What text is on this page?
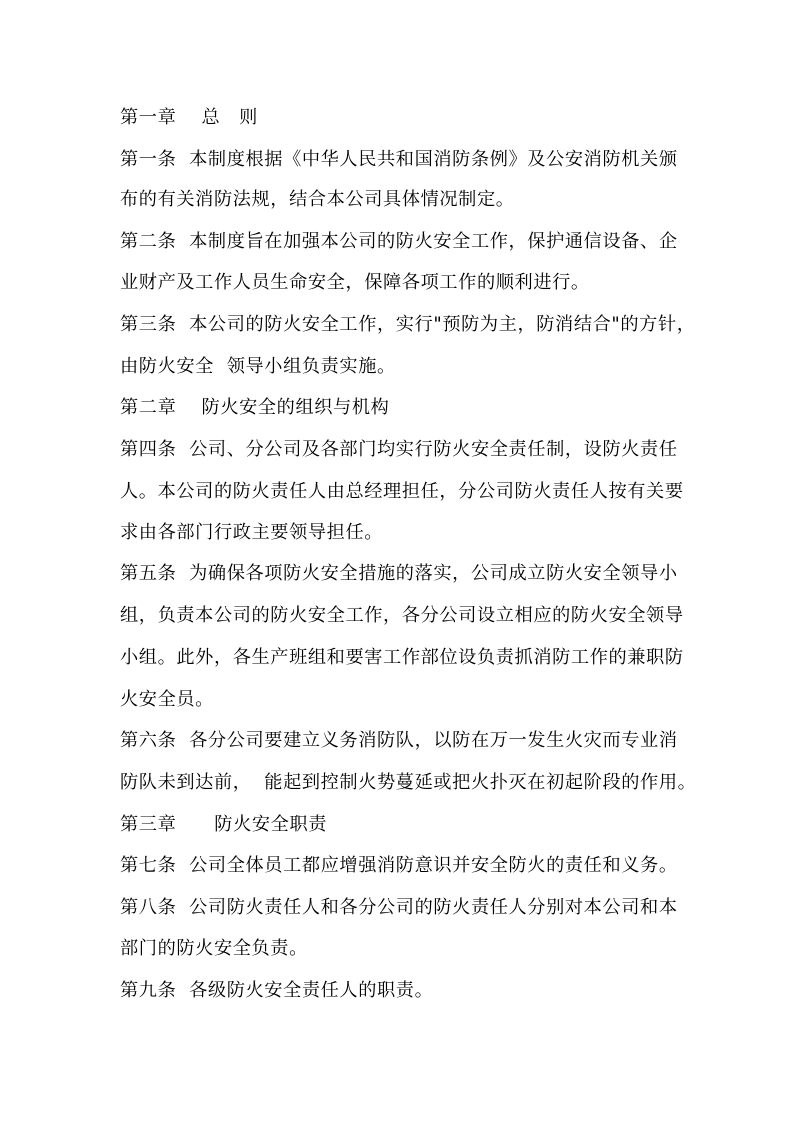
第一章 　总　则
第一条  本制度根据《中华人民共和国消防条例》及公安消防机关颁
布的有关消防法规，结合本公司具体情况制定。
第二条  本制度旨在加强本公司的防火安全工作，保护通信设备、企
业财产及工作人员生命安全，保障各项工作的顺利进行。
第三条  本公司的防火安全工作，实行"预防为主，防消结合"的方针，
由防火安全  领导小组负责实施。
第二章 　防火安全的组织与机构
第四条  公司、分公司及各部门均实行防火安全责任制，设防火责任
人。本公司的防火责任人由总经理担任，分公司防火责任人按有关要
求由各部门行政主要领导担任。
第五条  为确保各项防火安全措施的落实，公司成立防火安全领导小
组，负责本公司的防火安全工作，各分公司设立相应的防火安全领导
小组。此外，各生产班组和要害工作部位设负责抓消防工作的兼职防
火安全员。
第六条  各分公司要建立义务消防队，以防在万一发生火灾而专业消
防队未到达前，  能起到控制火势蔓延或把火扑灭在初起阶段的作用。
第三章 　  防火安全职责
第七条  公司全体员工都应增强消防意识并安全防火的责任和义务。
第八条  公司防火责任人和各分公司的防火责任人分别对本公司和本
部门的防火安全负责。
第九条  各级防火安全责任人的职责。
